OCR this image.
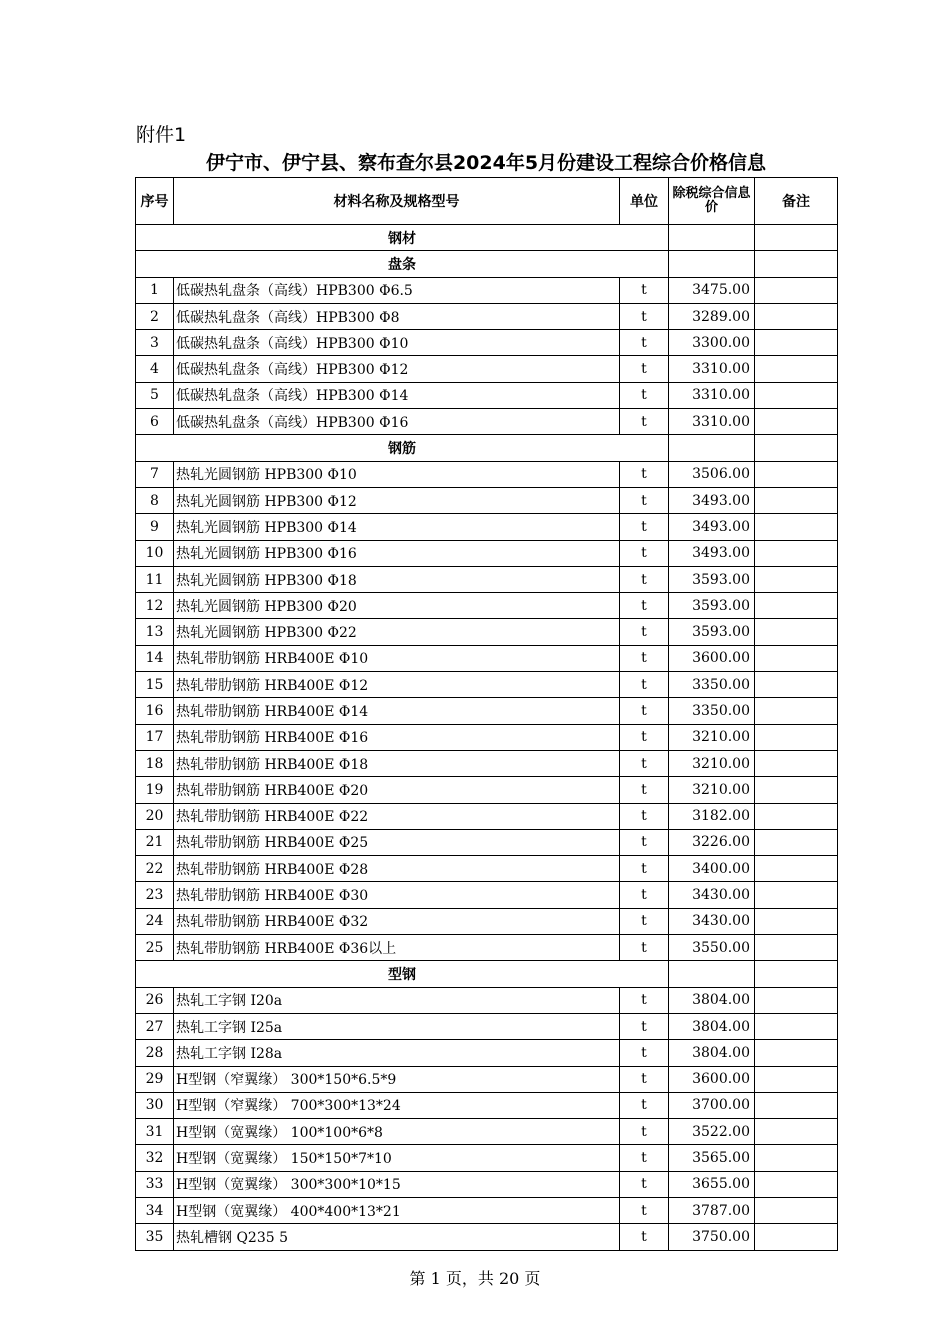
附件1
伊宁市、伊宁县、察布查尔县2024年5月份建设工程综合价格信息
序号	材料名称及规格型号	单位	除税综合信息价	备注
钢材				
盘条				
1	低碳热轧盘条（高线）HPB300 Φ6.5	t	3475.00	
2	低碳热轧盘条（高线）HPB300 Φ8	t	3289.00	
3	低碳热轧盘条（高线）HPB300 Φ10	t	3300.00	
4	低碳热轧盘条（高线）HPB300 Φ12	t	3310.00	
5	低碳热轧盘条（高线）HPB300 Φ14	t	3310.00	
6	低碳热轧盘条（高线）HPB300 Φ16	t	3310.00	
钢筋				
7	热轧光圆钢筋 HPB300 Φ10	t	3506.00	
8	热轧光圆钢筋 HPB300 Φ12	t	3493.00	
9	热轧光圆钢筋 HPB300 Φ14	t	3493.00	
10	热轧光圆钢筋 HPB300 Φ16	t	3493.00	
11	热轧光圆钢筋 HPB300 Φ18	t	3593.00	
12	热轧光圆钢筋 HPB300 Φ20	t	3593.00	
13	热轧光圆钢筋 HPB300 Φ22	t	3593.00	
14	热轧带肋钢筋 HRB400E Φ10	t	3600.00	
15	热轧带肋钢筋 HRB400E Φ12	t	3350.00	
16	热轧带肋钢筋 HRB400E Φ14	t	3350.00	
17	热轧带肋钢筋 HRB400E Φ16	t	3210.00	
18	热轧带肋钢筋 HRB400E Φ18	t	3210.00	
19	热轧带肋钢筋 HRB400E Φ20	t	3210.00	
20	热轧带肋钢筋 HRB400E Φ22	t	3182.00	
21	热轧带肋钢筋 HRB400E Φ25	t	3226.00	
22	热轧带肋钢筋 HRB400E Φ28	t	3400.00	
23	热轧带肋钢筋 HRB400E Φ30	t	3430.00	
24	热轧带肋钢筋 HRB400E Φ32	t	3430.00	
25	热轧带肋钢筋 HRB400E Φ36以上	t	3550.00	
型钢				
26	热轧工字钢 I20a	t	3804.00	
27	热轧工字钢 I25a	t	3804.00	
28	热轧工字钢 I28a	t	3804.00	
29	H型钢（窄翼缘） 300*150*6.5*9	t	3600.00	
30	H型钢（窄翼缘） 700*300*13*24	t	3700.00	
31	H型钢（宽翼缘） 100*100*6*8	t	3522.00	
32	H型钢（宽翼缘） 150*150*7*10	t	3565.00	
33	H型钢（宽翼缘） 300*300*10*15	t	3655.00	
34	H型钢（宽翼缘） 400*400*13*21	t	3787.00	
35	热轧槽钢 Q235 5	t	3750.00	
第 1 页，共 20 页
